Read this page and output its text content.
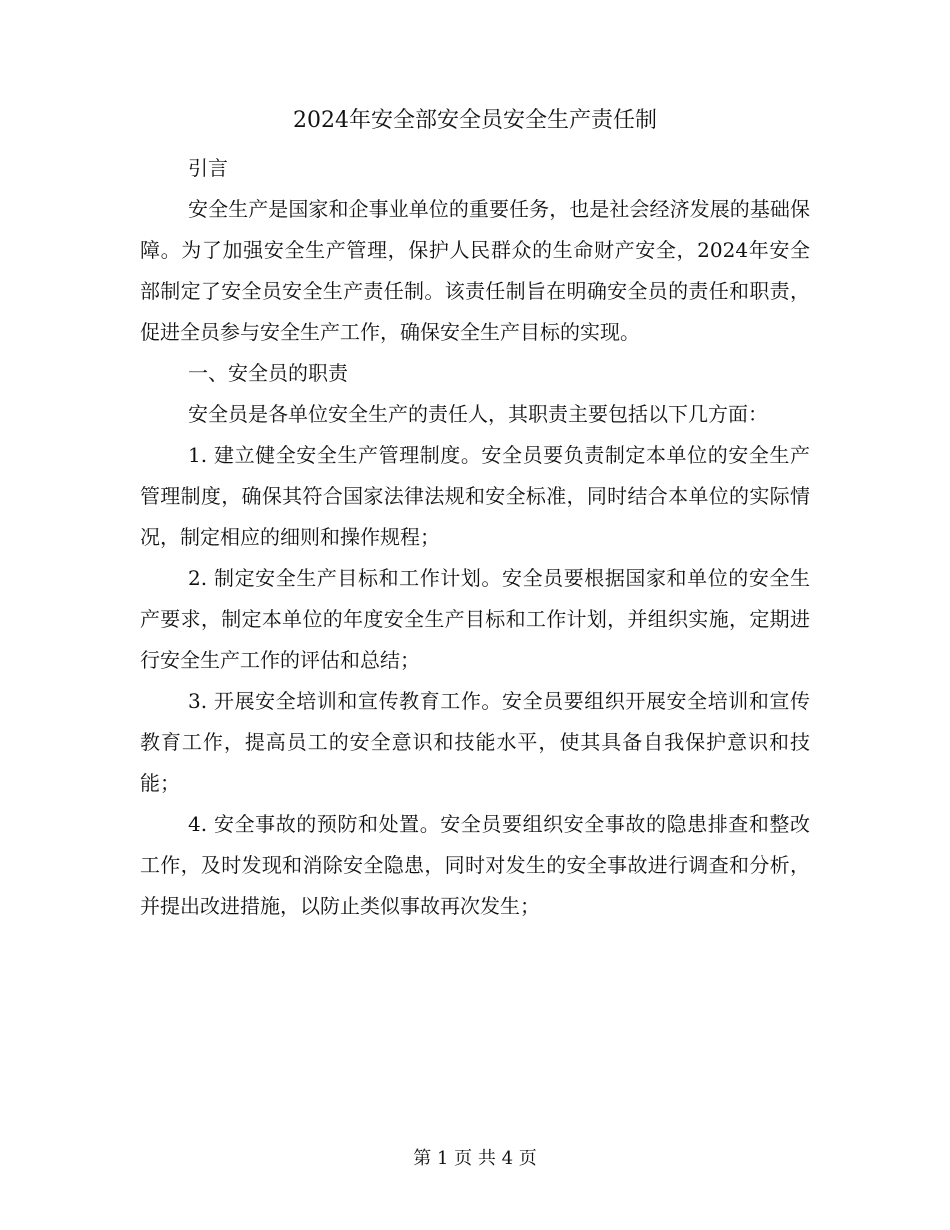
2024年安全部安全员安全生产责任制

引言

安全生产是国家和企事业单位的重要任务，也是社会经济发展的基础保障。为了加强安全生产管理，保护人民群众的生命财产安全，2024年安全部制定了安全员安全生产责任制。该责任制旨在明确安全员的责任和职责，促进全员参与安全生产工作，确保安全生产目标的实现。

一、安全员的职责

安全员是各单位安全生产的责任人，其职责主要包括以下几方面：

1. 建立健全安全生产管理制度。安全员要负责制定本单位的安全生产管理制度，确保其符合国家法律法规和安全标准，同时结合本单位的实际情况，制定相应的细则和操作规程；

2. 制定安全生产目标和工作计划。安全员要根据国家和单位的安全生产要求，制定本单位的年度安全生产目标和工作计划，并组织实施，定期进行安全生产工作的评估和总结；

3. 开展安全培训和宣传教育工作。安全员要组织开展安全培训和宣传教育工作，提高员工的安全意识和技能水平，使其具备自我保护意识和技能；

4. 安全事故的预防和处置。安全员要组织安全事故的隐患排查和整改工作，及时发现和消除安全隐患，同时对发生的安全事故进行调查和分析，并提出改进措施，以防止类似事故再次发生；

第 1 页 共 4 页
